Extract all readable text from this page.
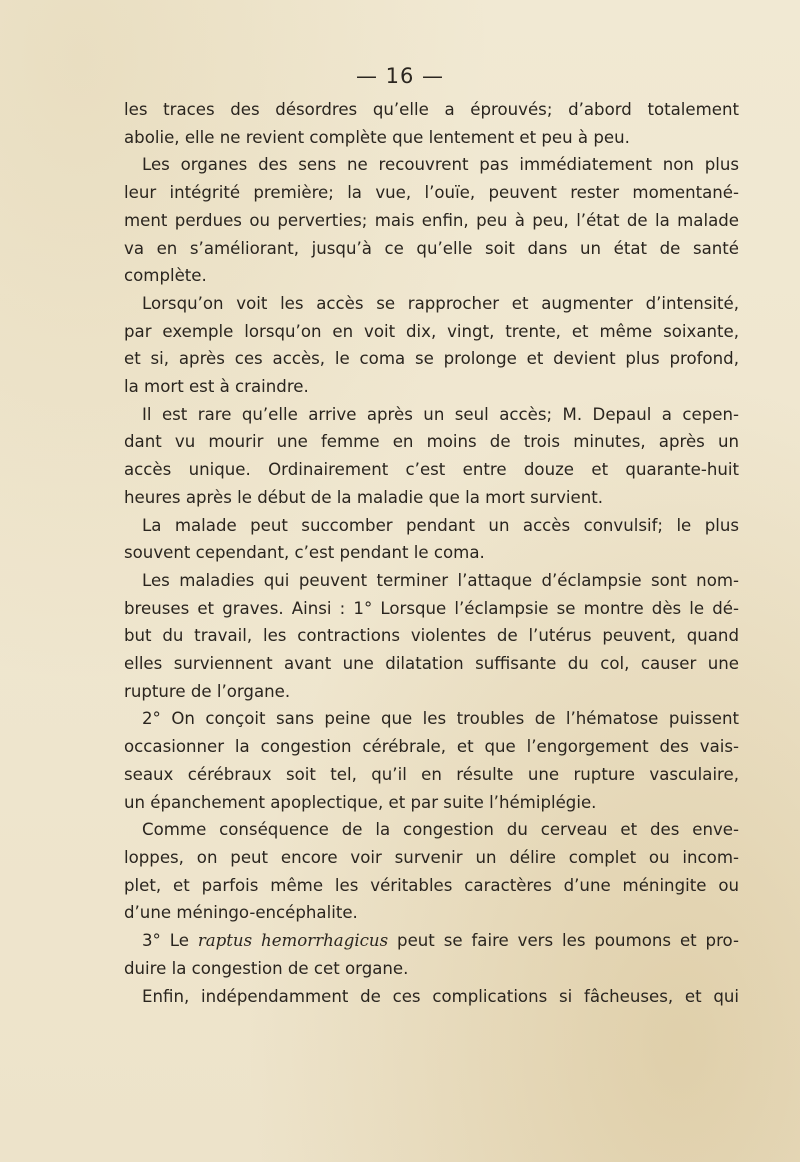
— 16 —
les traces des désordres qu’elle a éprouvés; d’abord totalement
abolie, elle ne revient complète que lentement et peu à peu.
Les organes des sens ne recouvrent pas immédiatement non plus
leur intégrité première; la vue, l’ouïe, peuvent rester momentané-
ment perdues ou perverties; mais enfin, peu à peu, l’état de la malade
va en s’améliorant, jusqu’à ce qu’elle soit dans un état de santé
complète.
Lorsqu’on voit les accès se rapprocher et augmenter d’intensité,
par exemple lorsqu’on en voit dix, vingt, trente, et même soixante,
et si, après ces accès, le coma se prolonge et devient plus profond,
la mort est à craindre.
Il est rare qu’elle arrive après un seul accès; M. Depaul a cepen-
dant vu mourir une femme en moins de trois minutes, après un
accès unique. Ordinairement c’est entre douze et quarante-huit
heures après le début de la maladie que la mort survient.
La malade peut succomber pendant un accès convulsif; le plus
souvent cependant, c’est pendant le coma.
Les maladies qui peuvent terminer l’attaque d’éclampsie sont nom-
breuses et graves. Ainsi : 1° Lorsque l’éclampsie se montre dès le dé-
but du travail, les contractions violentes de l’utérus peuvent, quand
elles surviennent avant une dilatation suffisante du col, causer une
rupture de l’organe.
2° On conçoit sans peine que les troubles de l’hématose puissent
occasionner la congestion cérébrale, et que l’engorgement des vais-
seaux cérébraux soit tel, qu’il en résulte une rupture vasculaire,
un épanchement apoplectique, et par suite l’hémiplégie.
Comme conséquence de la congestion du cerveau et des enve-
loppes, on peut encore voir survenir un délire complet ou incom-
plet, et parfois même les véritables caractères d’une méningite ou
d’une méningo-encéphalite.
3° Le raptus hemorrhagicus peut se faire vers les poumons et pro-
duire la congestion de cet organe.
Enfin, indépendamment de ces complications si fâcheuses, et qui
